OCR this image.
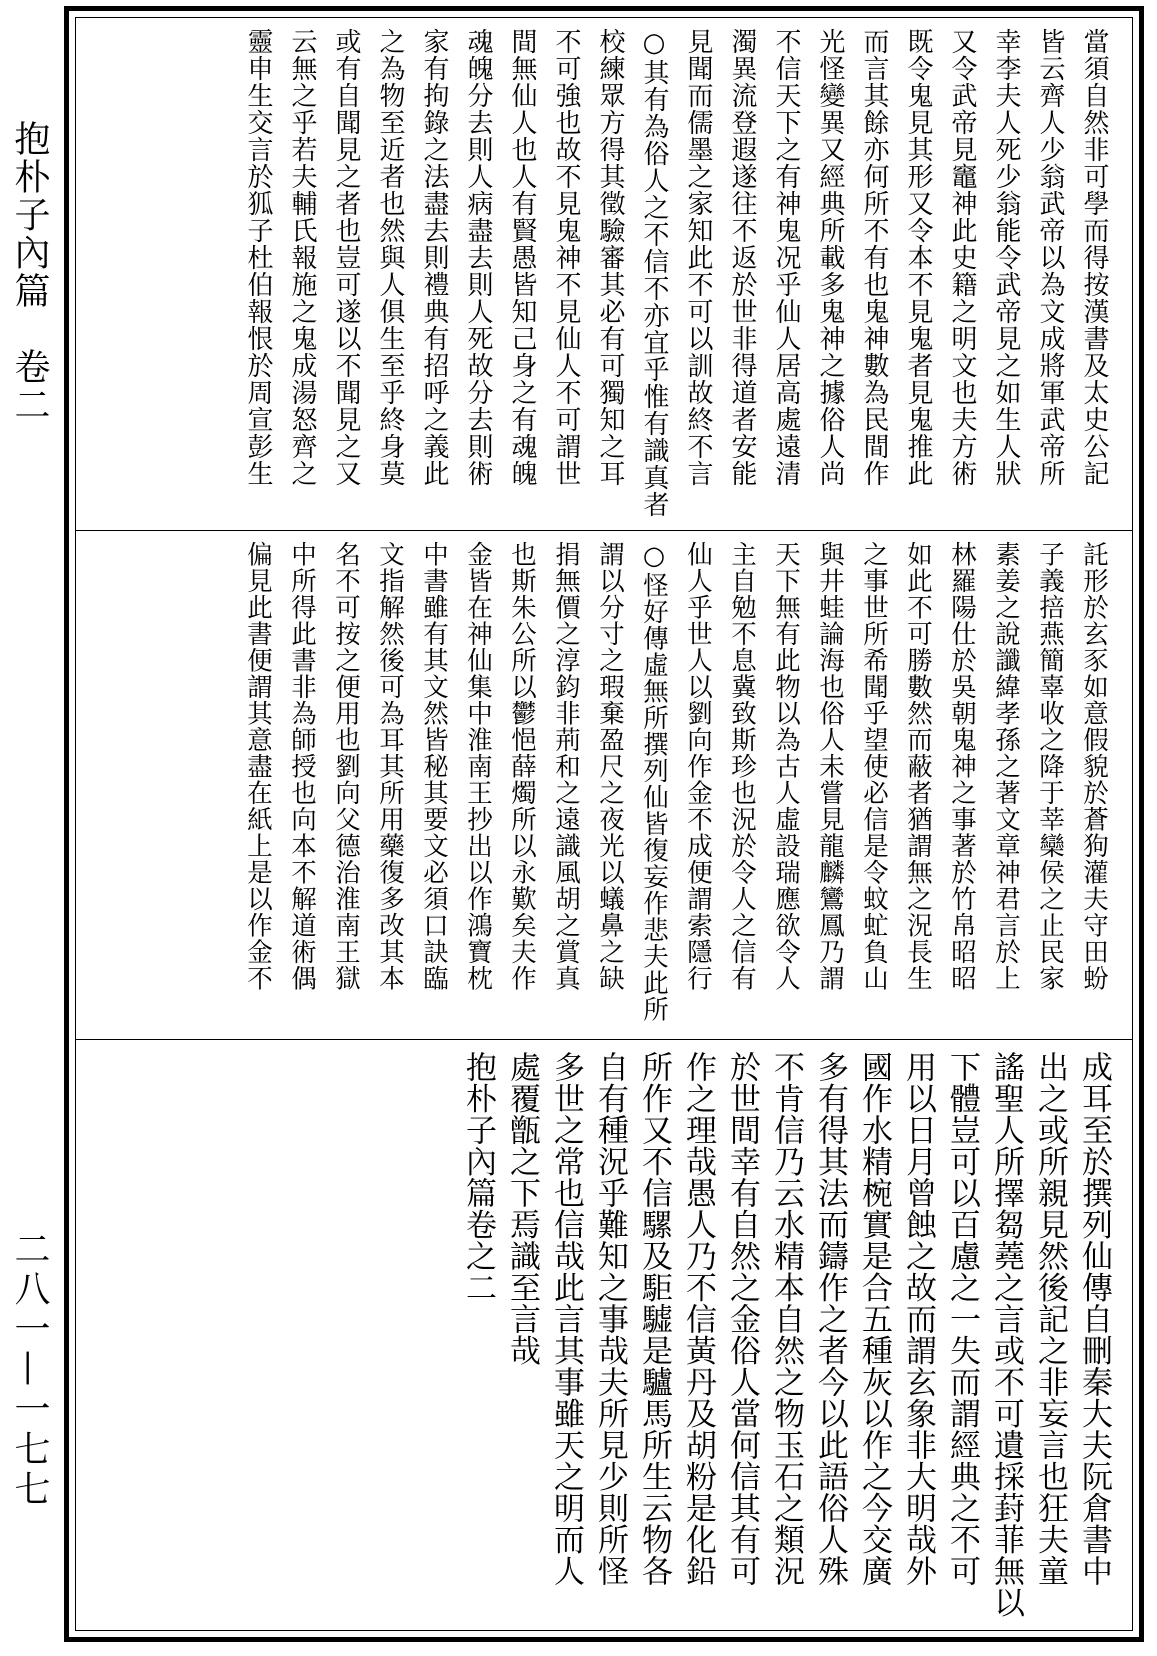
抱朴子內篇　卷二
二八一—一七七
當須自然非可學而得按漢書及太史公記
皆云齊人少翁武帝以為文成將軍武帝所
幸李夫人死少翁能令武帝見之如生人狀
又令武帝見竈神此史籍之明文也夫方術
既令鬼見其形又令本不見鬼者見鬼推此
而言其餘亦何所不有也鬼神數為民間作
光怪變異又經典所載多鬼神之據俗人尚
不信天下之有神鬼况乎仙人居高處遠清
濁異流登遐遂往不返於世非得道者安能
見聞而儒墨之家知此不可以訓故終不言
○其有為俗人之不信不亦宜乎惟有識真者
校練眾方得其徵驗審其必有可獨知之耳
不可強也故不見鬼神不見仙人不可謂世
間無仙人也人有賢愚皆知己身之有魂魄
魂魄分去則人病盡去則人死故分去則術
家有拘錄之法盡去則禮典有招呼之義此
之為物至近者也然與人俱生至乎終身莫
或有自聞見之者也豈可遂以不聞見之又
云無之乎若夫輔氏報施之鬼成湯怒齊之
靈申生交言於狐子杜伯報恨於周宣彭生
託形於玄豕如意假貌於蒼狗灌夫守田蚡
子義掊燕簡辜收之降于莘欒侯之止民家
素姜之說讖緯孝孫之著文章神君言於上
林羅陽仕於吳朝鬼神之事著於竹帛昭昭
如此不可勝數然而蔽者猶謂無之況長生
之事世所希聞乎望使必信是令蚊虻負山
與井蛙論海也俗人未嘗見龍麟鸞鳳乃謂
天下無有此物以為古人虛設瑞應欲令人
主自勉不息冀致斯珍也況於令人之信有
仙人乎世人以劉向作金不成便謂索隱行
○怪好傳虛無所撰列仙皆復妄作悲夫此所
謂以分寸之瑕棄盈尺之夜光以蟻鼻之缺
捐無價之淳鈞非荊和之遠識風胡之賞真
也斯朱公所以鬱悒薛燭所以永歎矣夫作
金皆在神仙集中淮南王抄出以作鴻寶枕
中書雖有其文然皆秘其要文必須口訣臨
文指解然後可為耳其所用藥復多改其本
名不可按之便用也劉向父德治淮南王獄
中所得此書非為師授也向本不解道術偶
偏見此書便謂其意盡在紙上是以作金不
成耳至於撰列仙傳自刪秦大夫阮倉書中
出之或所親見然後記之非妄言也狂夫童
謠聖人所擇芻蕘之言或不可遺採葑菲無以
下體豈可以百慮之一失而謂經典之不可
用以日月曾蝕之故而謂玄象非大明哉外
國作水精椀實是合五種灰以作之今交廣
多有得其法而鑄作之者今以此語俗人殊
不肯信乃云水精本自然之物玉石之類況
於世間幸有自然之金俗人當何信其有可
作之理哉愚人乃不信黃丹及胡粉是化鉛
所作又不信騾及駏驉是驢馬所生云物各
自有種況乎難知之事哉夫所見少則所怪
多世之常也信哉此言其事雖天之明而人
處覆甑之下焉識至言哉
抱朴子內篇卷之二
